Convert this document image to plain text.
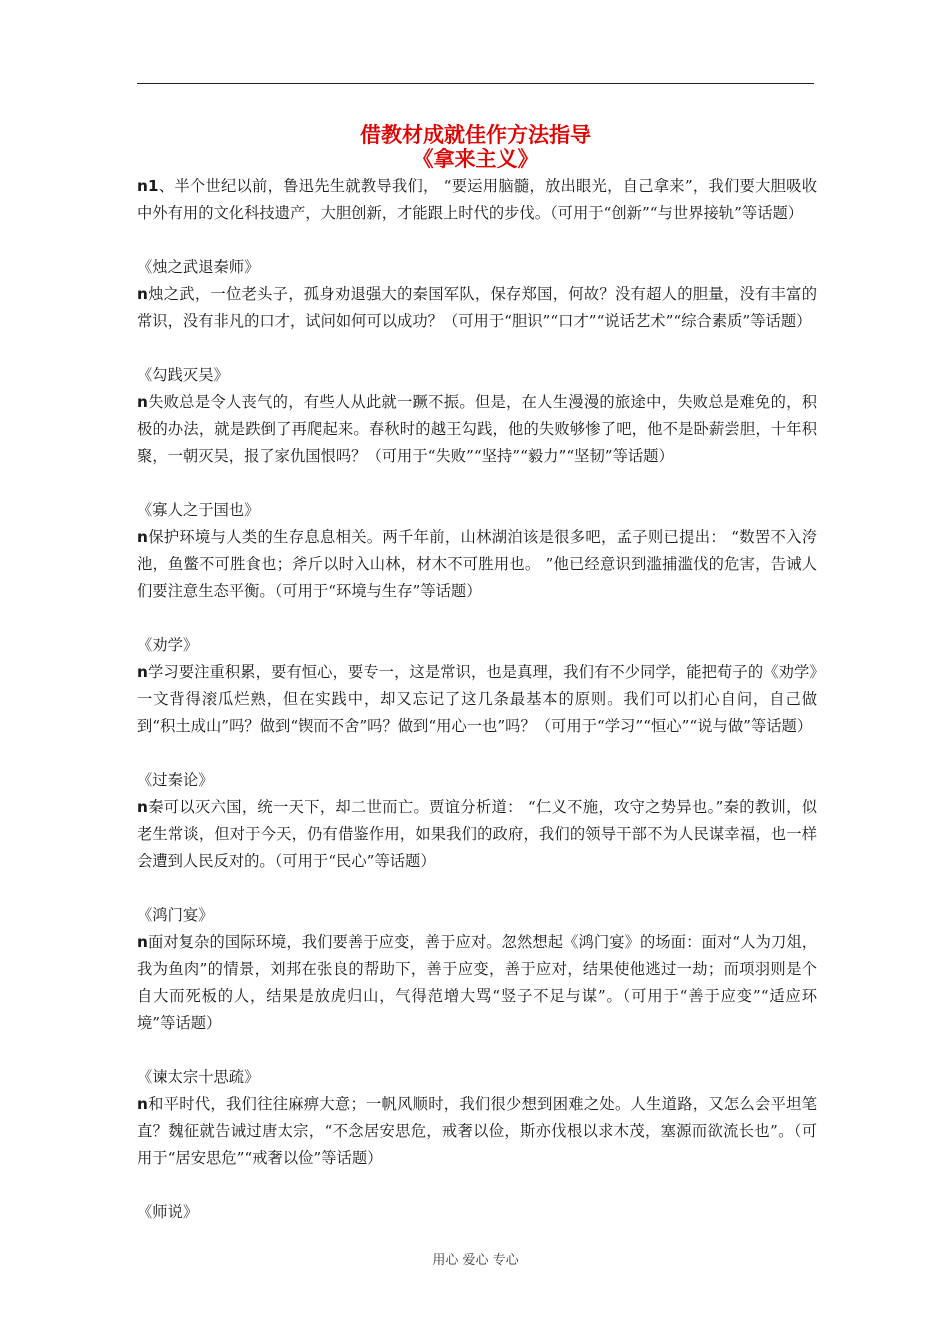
借教材成就佳作方法指导
《拿来主义》

n1、半个世纪以前，鲁迅先生就教导我们， “要运用脑髓，放出眼光，自己拿来”，我们要大胆吸收中外有用的文化科技遗产，大胆创新，才能跟上时代的步伐。（可用于“创新”“与世界接轨”等话题）

《烛之武退秦师》

n烛之武，一位老头子，孤身劝退强大的秦国军队，保存郑国，何故？没有超人的胆量，没有丰富的常识，没有非凡的口才，试问如何可以成功？（可用于“胆识”“口才”“说话艺术”“综合素质”等话题）

《勾践灭吴》

n失败总是令人丧气的，有些人从此就一蹶不振。但是，在人生漫漫的旅途中，失败总是难免的，积极的办法，就是跌倒了再爬起来。春秋时的越王勾践，他的失败够惨了吧，他不是卧薪尝胆，十年积聚，一朝灭吴，报了家仇国恨吗？（可用于“失败”“坚持”“毅力”“坚韧”等话题）

《寡人之于国也》

n保护环境与人类的生存息息相关。两千年前，山林湖泊该是很多吧，孟子则已提出： “数罟不入洿池，鱼鳖不可胜食也；斧斤以时入山林，材木不可胜用也。 ”他已经意识到滥捕滥伐的危害，告诫人们要注意生态平衡。（可用于“环境与生存”等话题）

《劝学》

n学习要注重积累，要有恒心，要专一，这是常识，也是真理，我们有不少同学，能把荀子的《劝学》一文背得滚瓜烂熟，但在实践中，却又忘记了这几条最基本的原则。我们可以扪心自问，自己做到“积土成山”吗？做到“锲而不舍”吗？做到“用心一也”吗？（可用于“学习”“恒心”“说与做”等话题）

《过秦论》

n秦可以灭六国，统一天下，却二世而亡。贾谊分析道： “仁义不施，攻守之势异也。”秦的教训，似老生常谈，但对于今天，仍有借鉴作用，如果我们的政府，我们的领导干部不为人民谋幸福，也一样会遭到人民反对的。（可用于“民心”等话题）

《鸿门宴》

n面对复杂的国际环境，我们要善于应变，善于应对。忽然想起《鸿门宴》的场面：面对“人为刀俎，我为鱼肉”的情景，刘邦在张良的帮助下，善于应变，善于应对，结果使他逃过一劫；而项羽则是个自大而死板的人，结果是放虎归山，气得范增大骂“竖子不足与谋”。（可用于“善于应变”“适应环境”等话题）

《谏太宗十思疏》

n和平时代，我们往往麻痹大意；一帆风顺时，我们很少想到困难之处。人生道路，又怎么会平坦笔直？魏征就告诫过唐太宗，“不念居安思危，戒奢以俭，斯亦伐根以求木茂，塞源而欲流长也”。（可用于“居安思危”“戒奢以俭”等话题）

《师说》

用心 爱心 专心
